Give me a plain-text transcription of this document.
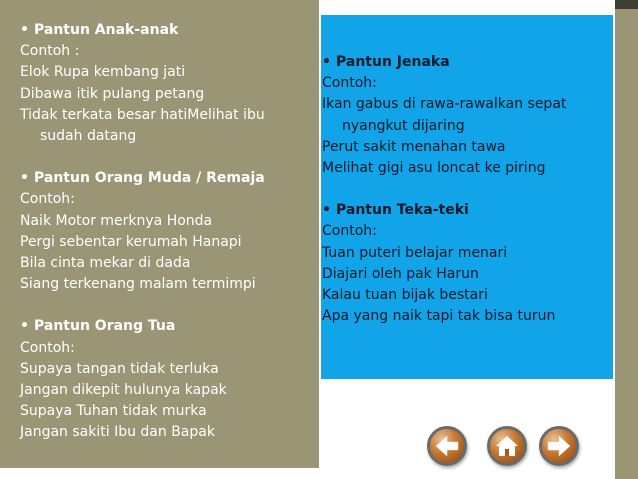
• Pantun Anak-anak
Contoh :
Elok Rupa kembang jati
Dibawa itik pulang petang
Tidak terkata besar hatiMelihat ibu
sudah datang
• Pantun Orang Muda / Remaja
Contoh:
Naik Motor merknya Honda
Pergi sebentar kerumah Hanapi
Bila cinta mekar di dada
Siang terkenang malam termimpi
• Pantun Orang Tua
Contoh:
Supaya tangan tidak terluka
Jangan dikepit hulunya kapak
Supaya Tuhan tidak murka
Jangan sakiti Ibu dan Bapak
• Pantun Jenaka
Contoh:
Ikan gabus di rawa-rawalkan sepat
nyangkut dijaring
Perut sakit menahan tawa
Melihat gigi asu loncat ke piring
• Pantun Teka-teki
Contoh:
Tuan puteri belajar menari
Diajari oleh pak Harun
Kalau tuan bijak bestari
Apa yang naik tapi tak bisa turun
